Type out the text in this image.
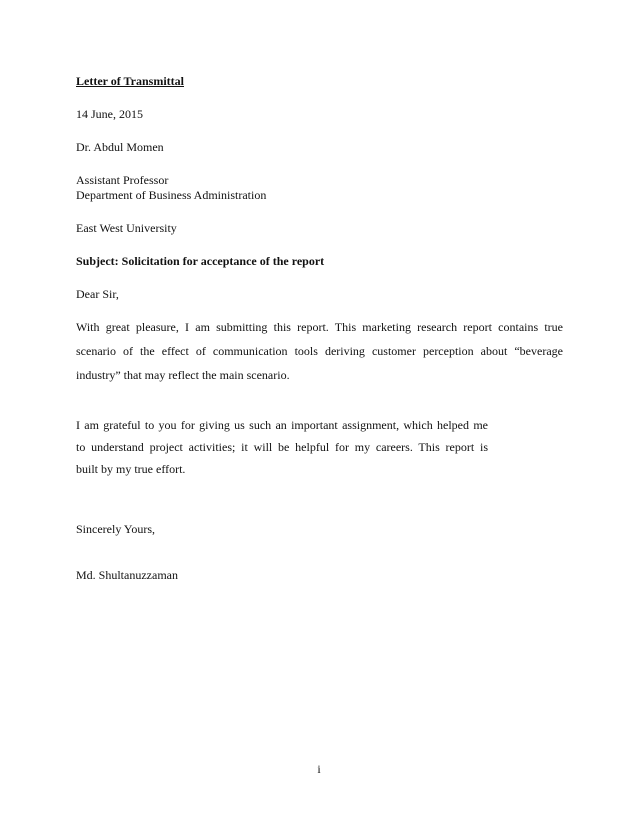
Letter of Transmittal
14 June, 2015
Dr. Abdul Momen
Assistant Professor
Department of Business Administration
East West University
Subject: Solicitation for acceptance of the report
Dear Sir,
With great pleasure, I am submitting this report. This marketing research report contains true
scenario of the effect of communication tools deriving customer perception about “beverage
industry” that may reflect the main scenario.
I am grateful to you for giving us such an important assignment, which helped me
to understand project activities; it will be helpful for my careers. This report is
built by my true effort.
Sincerely Yours,
Md. Shultanuzzaman
i
